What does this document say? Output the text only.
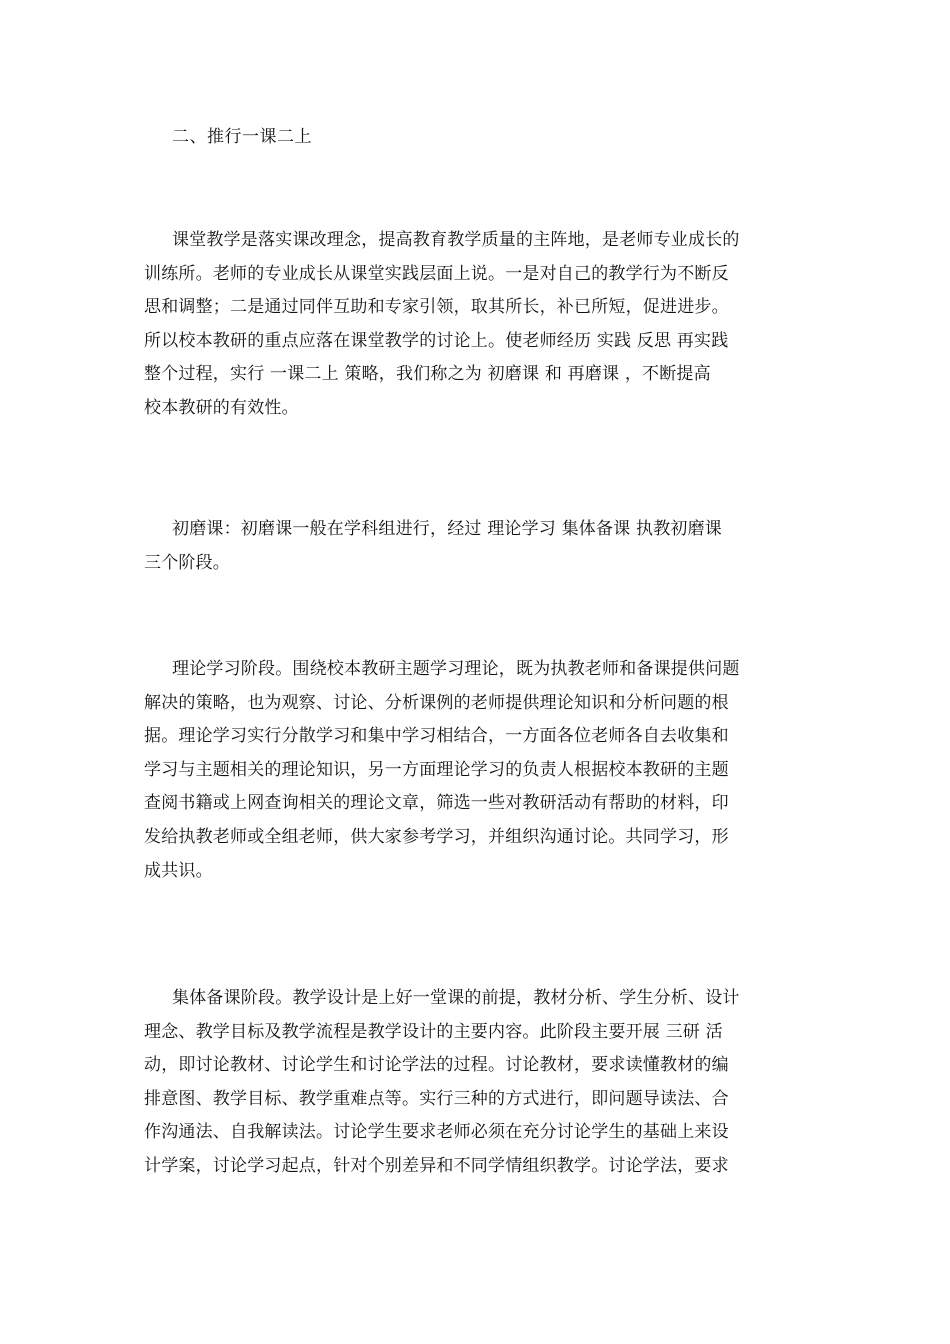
二、推行一课二上
课堂教学是落实课改理念，提高教育教学质量的主阵地，是老师专业成长的
训练所。老师的专业成长从课堂实践层面上说。一是对自己的教学行为不断反
思和调整；二是通过同伴互助和专家引领，取其所长，补已所短，促进进步。
所以校本教研的重点应落在课堂教学的讨论上。使老师经历 实践 反思 再实践
整个过程，实行 一课二上 策略，我们称之为 初磨课 和 再磨课 ，不断提高
校本教研的有效性。
初磨课：初磨课一般在学科组进行，经过 理论学习 集体备课 执教初磨课
三个阶段。
理论学习阶段。围绕校本教研主题学习理论，既为执教老师和备课提供问题
解决的策略，也为观察、讨论、分析课例的老师提供理论知识和分析问题的根
据。理论学习实行分散学习和集中学习相结合，一方面各位老师各自去收集和
学习与主题相关的理论知识，另一方面理论学习的负责人根据校本教研的主题
查阅书籍或上网查询相关的理论文章，筛选一些对教研活动有帮助的材料，印
发给执教老师或全组老师，供大家参考学习，并组织沟通讨论。共同学习，形
成共识。
集体备课阶段。教学设计是上好一堂课的前提，教材分析、学生分析、设计
理念、教学目标及教学流程是教学设计的主要内容。此阶段主要开展 三研 活
动，即讨论教材、讨论学生和讨论学法的过程。讨论教材，要求读懂教材的编
排意图、教学目标、教学重难点等。实行三种的方式进行，即问题导读法、合
作沟通法、自我解读法。讨论学生要求老师必须在充分讨论学生的基础上来设
计学案，讨论学习起点，针对个别差异和不同学情组织教学。讨论学法，要求
